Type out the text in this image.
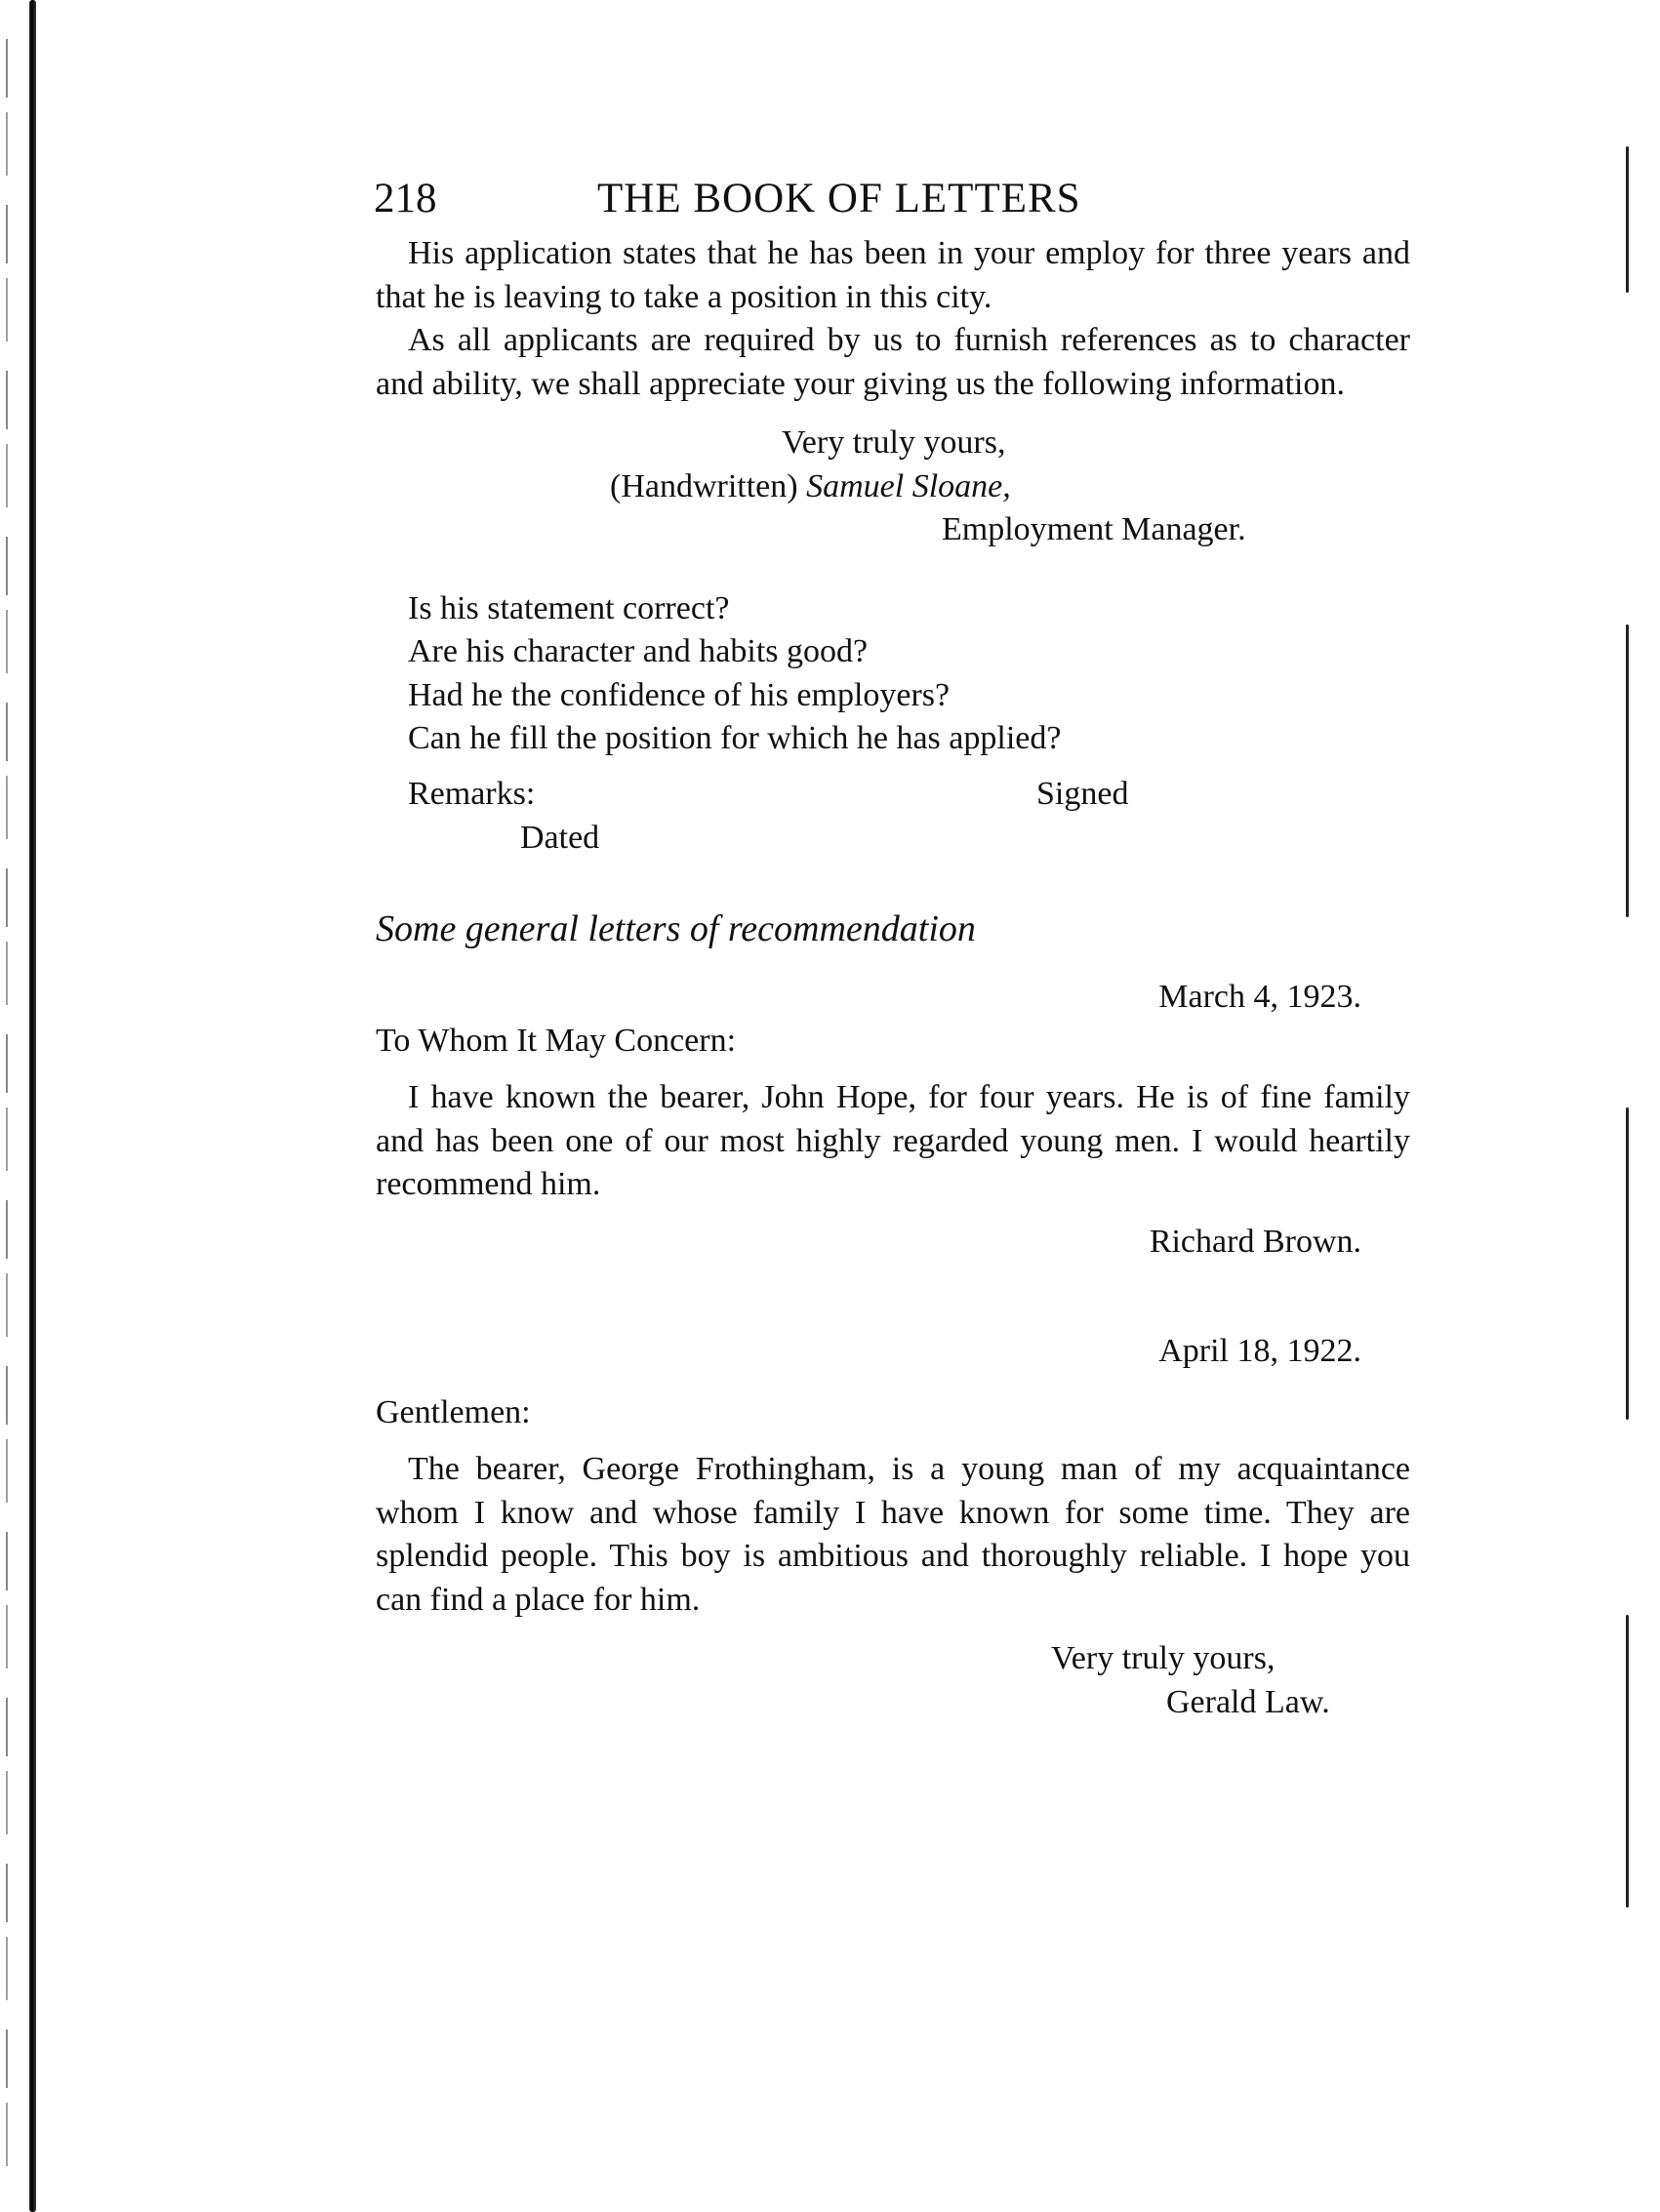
218	THE BOOK OF LETTERS

His application states that he has been in your employ for three years and that he is leaving to take a position in this city.

As all applicants are required by us to furnish references as to character and ability, we shall appreciate your giving us the following information.

Very truly yours,
(Handwritten) Samuel Sloane,
Employment Manager.
Is his statement correct?
Are his character and habits good?
Had he the confidence of his employers?
Can he fill the position for which he has applied?
Remarks:	Signed
Dated
Some general letters of recommendation
March 4, 1923.
To Whom It May Concern:

I have known the bearer, John Hope, for four years. He is of fine family and has been one of our most highly regarded young men. I would heartily recommend him.

Richard Brown.
April 18, 1922.
Gentlemen:

The bearer, George Frothingham, is a young man of my acquaintance whom I know and whose family I have known for some time. They are splendid people. This boy is ambitious and thoroughly reliable. I hope you can find a place for him.

Very truly yours,
Gerald Law.
